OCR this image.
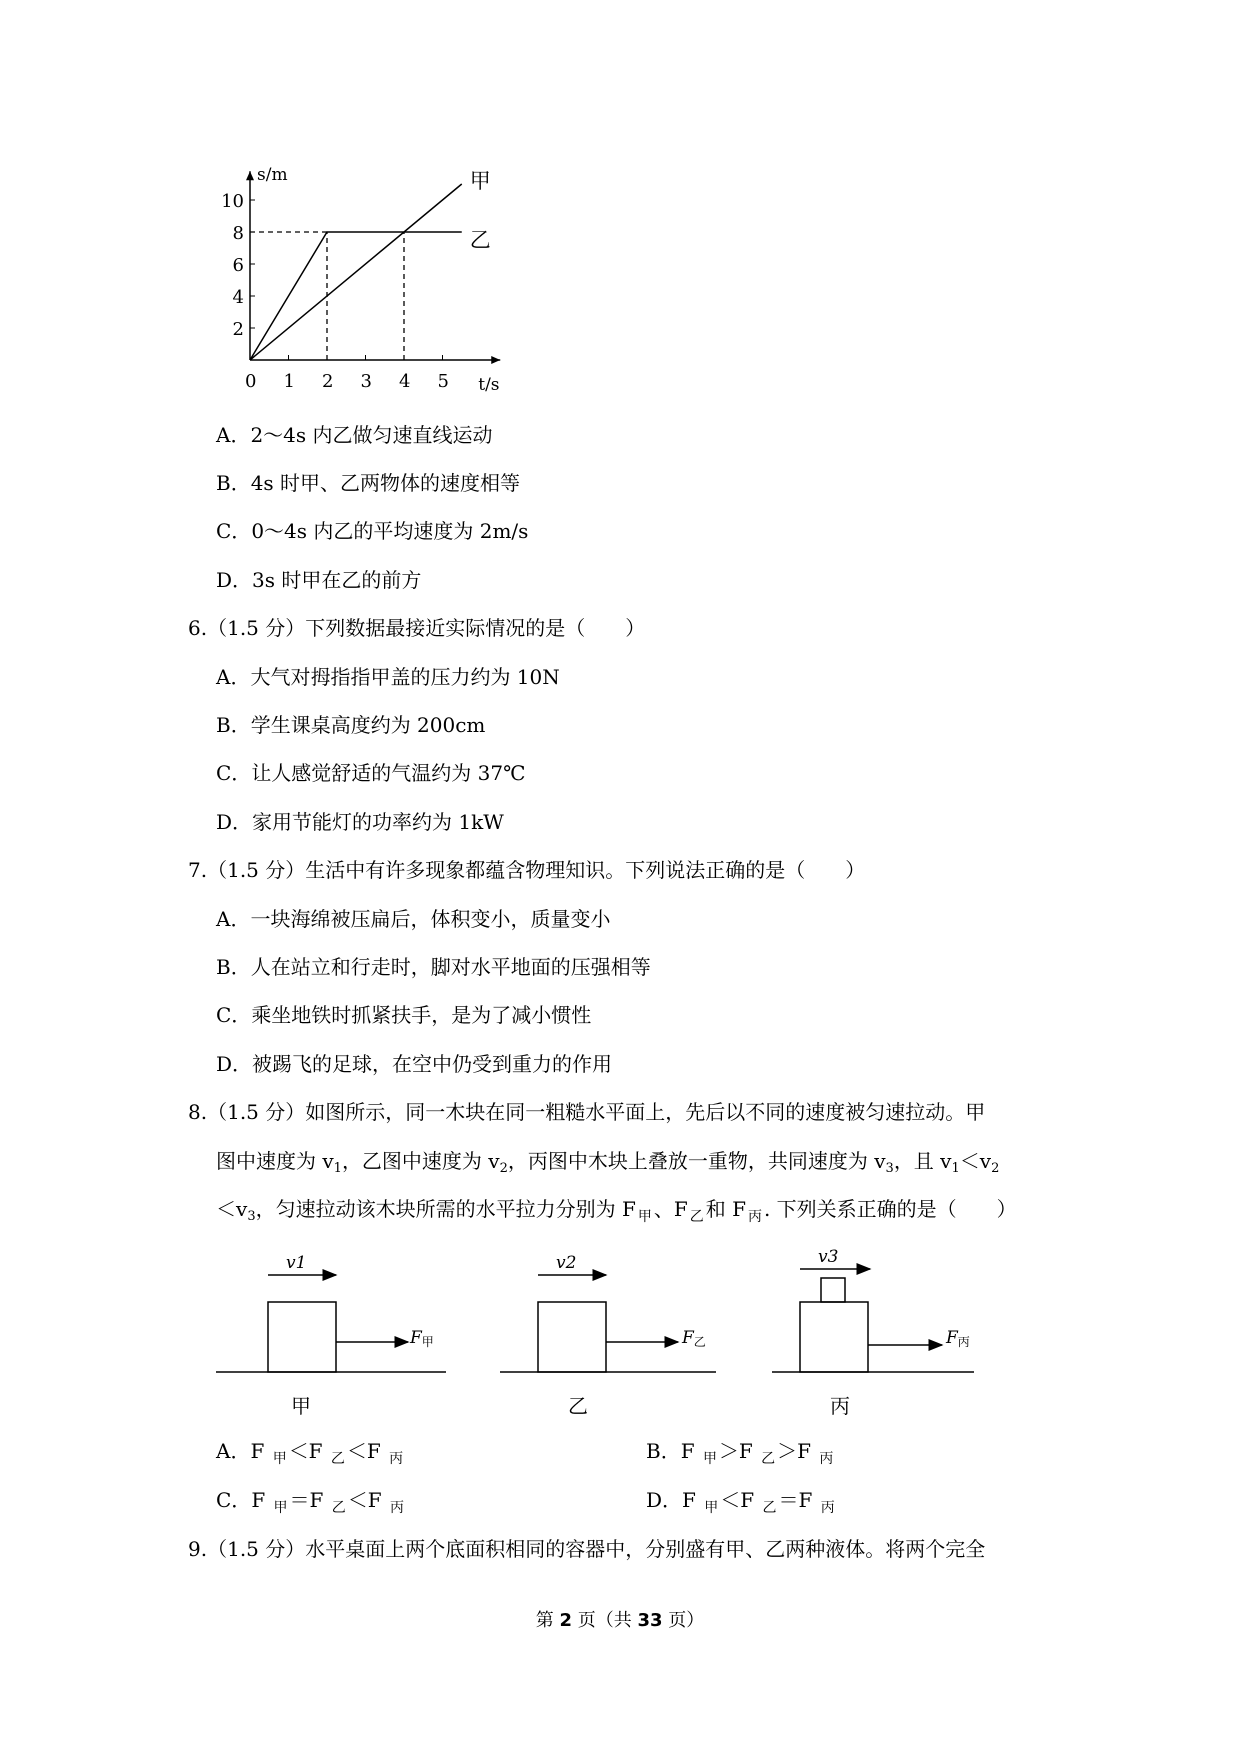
s/m
t/s
0 1 2 3 4 5
2
4
6
8
10
甲
乙
A．2～4s 内乙做匀速直线运动
B．4s 时甲、乙两物体的速度相等
C．0～4s 内乙的平均速度为 2m/s
D．3s 时甲在乙的前方
6.（1.5 分）下列数据最接近实际情况的是（　　）
A．大气对拇指指甲盖的压力约为 10N
B．学生课桌高度约为 200cm
C．让人感觉舒适的气温约为 37℃
D．家用节能灯的功率约为 1kW
7.（1.5 分）生活中有许多现象都蕴含物理知识。下列说法正确的是（　　）
A．一块海绵被压扁后，体积变小，质量变小
B．人在站立和行走时，脚对水平地面的压强相等
C．乘坐地铁时抓紧扶手，是为了减小惯性
D．被踢飞的足球，在空中仍受到重力的作用
8.（1.5 分）如图所示，同一木块在同一粗糙水平面上，先后以不同的速度被匀速拉动。甲
图中速度为 $v_1$，乙图中速度为 $v_2$，丙图中木块上叠放一重物，共同速度为 $v_3$，且 $v_1<v_2$
$<v_3$，匀速拉动该木块所需的水平拉力分别为 F $_甲$ 、F $_乙$ 和 F $_丙$ . 下列关系正确的是（　　）
v1
F甲
甲
v2
F乙
乙
v3
F丙
丙
A．F $_甲$ ＜F $_乙$ ＜F $_丙$	B．F $_甲$ ＞F $_乙$ ＞F $_丙$
C．F $_甲$ ＝F $_乙$ ＜F $_丙$	D．F $_甲$ ＜F $_乙$ ＝F $_丙$
9.（1.5 分）水平桌面上两个底面积相同的容器中，分别盛有甲、乙两种液体。将两个完全
第 2 页（共 33 页）
